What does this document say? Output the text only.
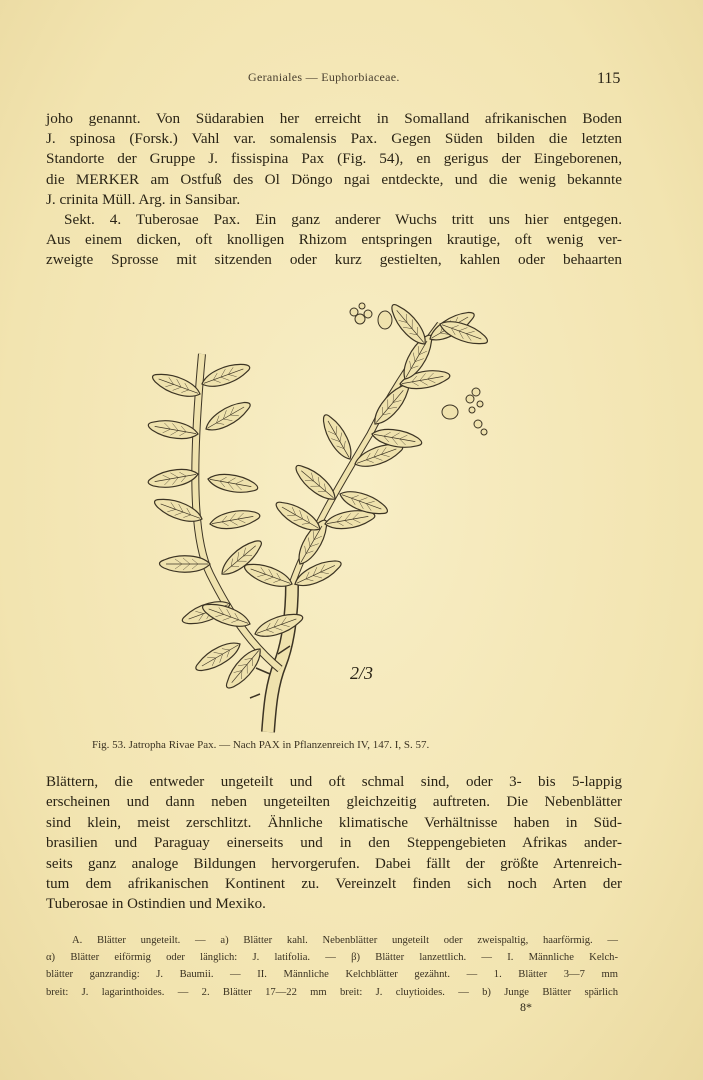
Geraniales — Euphorbiaceae.	115
joho genannt. Von Südarabien her erreicht in Somalland afrikanischen Boden
J. spinosa (Forsk.) Vahl var. somalensis Pax. Gegen Süden bilden die letzten
Standorte der Gruppe J. fissispina Pax (Fig. 54), en gerigus der Eingeborenen,
die MERKER am Ostfuß des Ol Döngo ngai entdeckte, und die wenig bekannte
J. crinita Müll. Arg. in Sansibar.
Sekt. 4. Tuberosae Pax. Ein ganz anderer Wuchs tritt uns hier entgegen.
Aus einem dicken, oft knolligen Rhizom entspringen krautige, oft wenig ver-
zweigte Sprosse mit sitzenden oder kurz gestielten, kahlen oder behaarten
2/3
Fig. 53. Jatropha Rivae Pax. — Nach PAX in Pflanzenreich IV, 147. I, S. 57.
Blättern, die entweder ungeteilt und oft schmal sind, oder 3- bis 5-lappig
erscheinen und dann neben ungeteilten gleichzeitig auftreten. Die Nebenblätter
sind klein, meist zerschlitzt. Ähnliche klimatische Verhältnisse haben in Süd-
brasilien und Paraguay einerseits und in den Steppengebieten Afrikas ander-
seits ganz analoge Bildungen hervorgerufen. Dabei fällt der größte Artenreich-
tum dem afrikanischen Kontinent zu. Vereinzelt finden sich noch Arten der
Tuberosae in Ostindien und Mexiko.
A. Blätter ungeteilt. — a) Blätter kahl. Nebenblätter ungeteilt oder zweispaltig, haarförmig. —
α) Blätter eiförmig oder länglich: J. latifolia. — β) Blätter lanzettlich. — I. Männliche Kelch-
blätter ganzrandig: J. Baumii. — II. Männliche Kelchblätter gezähnt. — 1. Blätter 3—7 mm
breit: J. lagarinthoides. — 2. Blätter 17—22 mm breit: J. cluytioides. — b) Junge Blätter spärlich
8*
